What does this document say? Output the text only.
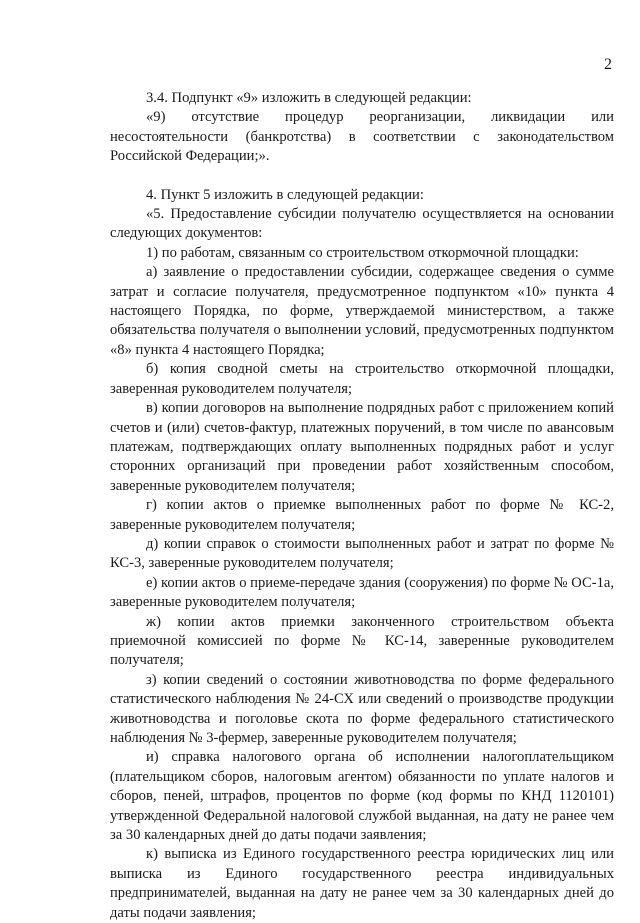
2

3.4. Подпункт «9» изложить в следующей редакции:

«9) отсутствие процедур реорганизации, ликвидации или несостоятельности (банкротства) в соответствии с законодательством Российской Федерации;».

4. Пункт 5 изложить в следующей редакции:

«5. Предоставление субсидии получателю осуществляется на основании следующих документов:

1) по работам, связанным со строительством откормочной площадки:

а) заявление о предоставлении субсидии, содержащее сведения о сумме затрат и согласие получателя, предусмотренное подпунктом «10» пункта 4 настоящего Порядка, по форме, утверждаемой министерством, а также обязательства получателя о выполнении условий, предусмотренных подпунктом «8» пункта 4 настоящего Порядка;

б) копия сводной сметы на строительство откормочной площадки, заверенная руководителем получателя;

в) копии договоров на выполнение подрядных работ с приложением копий счетов и (или) счетов-фактур, платежных поручений, в том числе по авансовым платежам, подтверждающих оплату выполненных подрядных работ и услуг сторонних организаций при проведении работ хозяйственным способом, заверенные руководителем получателя;

г) копии актов о приемке выполненных работ по форме № КС-2, заверенные руководителем получателя;

д) копии справок о стоимости выполненных работ и затрат по форме № КС-3, заверенные руководителем получателя;

е) копии актов о приеме-передаче здания (сооружения) по форме № ОС-1а, заверенные руководителем получателя;

ж) копии актов приемки законченного строительством объекта приемочной комиссией по форме № КС-14, заверенные руководителем получателя;

з) копии сведений о состоянии животноводства по форме федерального статистического наблюдения № 24-СХ или сведений о производстве продукции животноводства и поголовье скота по форме федерального статистического наблюдения № 3-фермер, заверенные руководителем получателя;

и) справка налогового органа об исполнении налогоплательщиком (плательщиком сборов, налоговым агентом) обязанности по уплате налогов и сборов, пеней, штрафов, процентов по форме (код формы по КНД 1120101) утвержденной Федеральной налоговой службой выданная, на дату не ранее чем за 30 календарных дней до даты подачи заявления;

к) выписка из Единого государственного реестра юридических лиц или выписка из Единого государственного реестра индивидуальных предпринимателей, выданная на дату не ранее чем за 30 календарных дней до даты подачи заявления;
